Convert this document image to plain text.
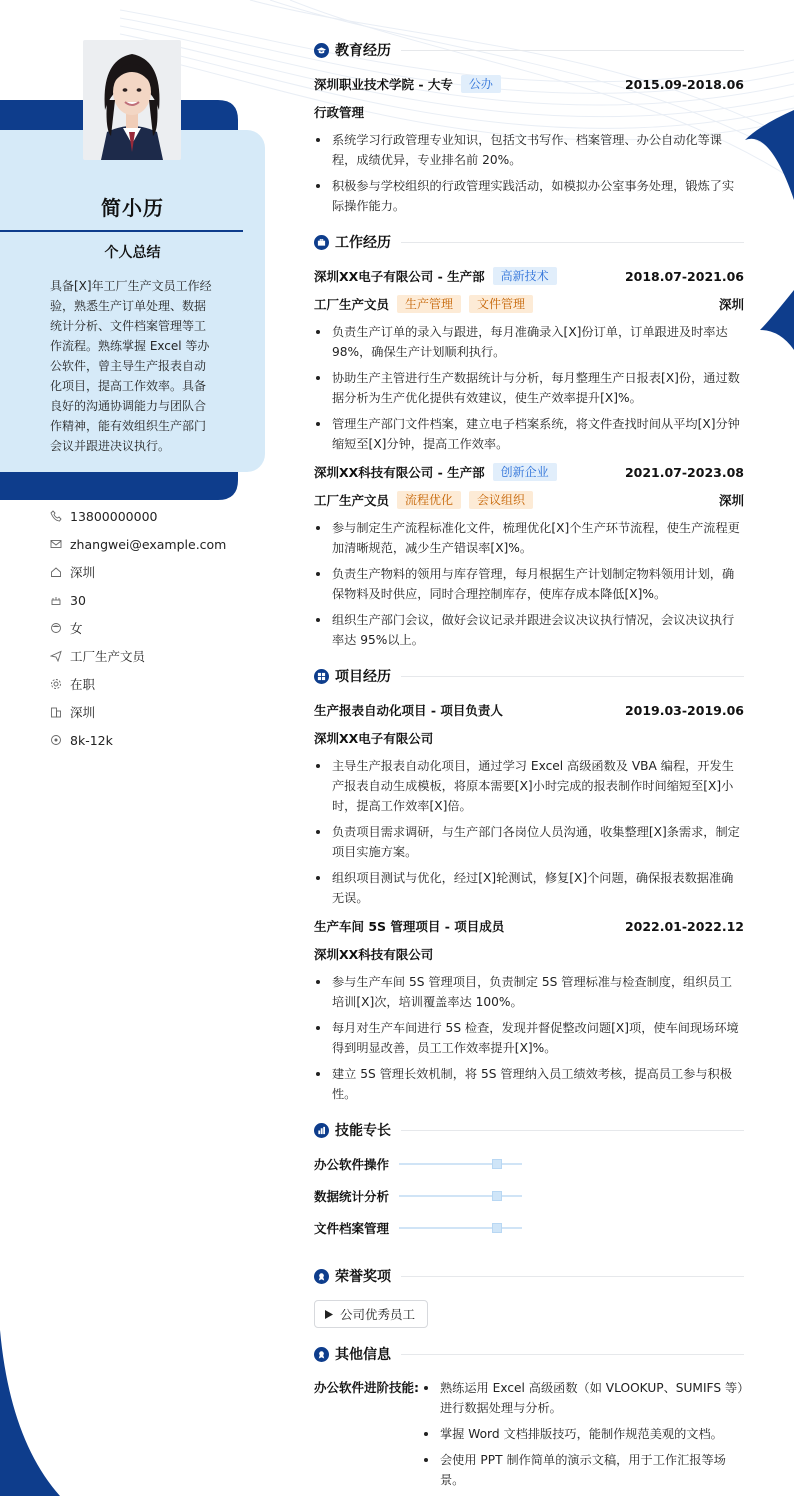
简小历
个人总结
具备[X]年工厂生产文员工作经验，熟悉生产订单处理、数据统计分析、文件档案管理等工作流程。熟练掌握 Excel 等办公软件，曾主导生产报表自动化项目，提高工作效率。具备良好的沟通协调能力与团队合作精神，能有效组织生产部门会议并跟进决议执行。
13800000000
zhangwei@example.com
深圳
30
女
工厂生产文员
在职
深圳
8k-12k
教育经历
深圳职业技术学院 - 大专	公办	2015.09-2018.06
行政管理
系统学习行政管理专业知识，包括文书写作、档案管理、办公自动化等课程，成绩优异，专业排名前 20%。
积极参与学校组织的行政管理实践活动，如模拟办公室事务处理，锻炼了实际操作能力。
工作经历
深圳XX电子有限公司 - 生产部	高新技术	2018.07-2021.06
工厂生产文员	生产管理	文件管理	深圳
负责生产订单的录入与跟进，每月准确录入[X]份订单，订单跟进及时率达 98%，确保生产计划顺利执行。
协助生产主管进行生产数据统计与分析，每月整理生产日报表[X]份，通过数据分析为生产优化提供有效建议，使生产效率提升[X]%。
管理生产部门文件档案，建立电子档案系统，将文件查找时间从平均[X]分钟缩短至[X]分钟，提高工作效率。
深圳XX科技有限公司 - 生产部	创新企业	2021.07-2023.08
工厂生产文员	流程优化	会议组织	深圳
参与制定生产流程标准化文件，梳理优化[X]个生产环节流程，使生产流程更加清晰规范，减少生产错误率[X]%。
负责生产物料的领用与库存管理，每月根据生产计划制定物料领用计划，确保物料及时供应，同时合理控制库存，使库存成本降低[X]%。
组织生产部门会议，做好会议记录并跟进会议决议执行情况，会议决议执行率达 95%以上。
项目经历
生产报表自动化项目 - 项目负责人	2019.03-2019.06
深圳XX电子有限公司
主导生产报表自动化项目，通过学习 Excel 高级函数及 VBA 编程，开发生产报表自动生成模板，将原本需要[X]小时完成的报表制作时间缩短至[X]小时，提高工作效率[X]倍。
负责项目需求调研，与生产部门各岗位人员沟通，收集整理[X]条需求，制定项目实施方案。
组织项目测试与优化，经过[X]轮测试，修复[X]个问题，确保报表数据准确无误。
生产车间 5S 管理项目 - 项目成员	2022.01-2022.12
深圳XX科技有限公司
参与生产车间 5S 管理项目，负责制定 5S 管理标准与检查制度，组织员工培训[X]次，培训覆盖率达 100%。
每月对生产车间进行 5S 检查，发现并督促整改问题[X]项，使车间现场环境得到明显改善，员工工作效率提升[X]%。
建立 5S 管理长效机制，将 5S 管理纳入员工绩效考核，提高员工参与积极性。
技能专长
办公软件操作
数据统计分析
文件档案管理
荣誉奖项
公司优秀员工
其他信息
办公软件进阶技能:	熟练运用 Excel 高级函数（如 VLOOKUP、SUMIFS 等）进行数据处理与分析。
掌握 Word 文档排版技巧，能制作规范美观的文档。
会使用 PPT 制作简单的演示文稿，用于工作汇报等场景。
